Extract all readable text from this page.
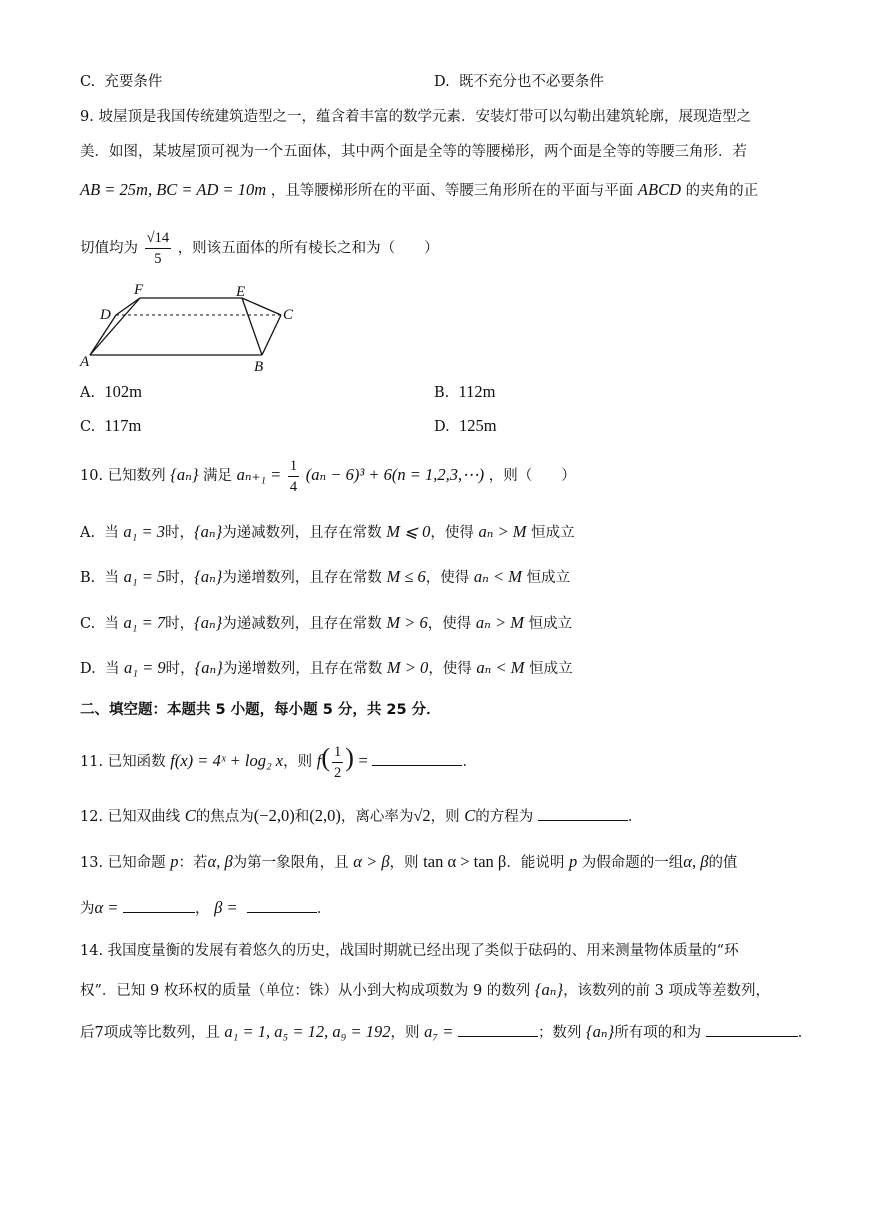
C. 充要条件	D. 既不充分也不必要条件
9. 坡屋顶是我国传统建筑造型之一，蕴含着丰富的数学元素．安装灯带可以勾勒出建筑轮廓，展现造型之
美．如图，某坡屋顶可视为一个五面体，其中两个面是全等的等腰梯形，两个面是全等的等腰三角形．若
AB = 25m, BC = AD = 10m ，且等腰梯形所在的平面、等腰三角形所在的平面与平面 ABCD 的夹角的正
切值均为 $\frac{√14}{5}$ ，则该五面体的所有棱长之和为（　　）
F	E
D	C
A	B
A. 102m	B. 112m
C. 117m	D. 125m
10. 已知数列 {aₙ} 满足 $a_{n+1} = \frac{1}{4} (a_n - 6)^3 + 6(n$ = 1,2,3,⋯) ，则（　　）
A. 当 a₁ = 3时，{aₙ}为递减数列，且存在常数 M ⩽ 0，使得 aₙ > M 恒成立
B. 当 a₁ = 5时，{aₙ}为递增数列，且存在常数 M ≤ 6，使得 aₙ < M 恒成立
C. 当 a₁ = 7时，{aₙ}为递减数列，且存在常数 M > 6，使得 aₙ > M 恒成立
D. 当 a₁ = 9时，{aₙ}为递增数列，且存在常数 M > 0，使得 aₙ < M 恒成立
二、填空题：本题共 5 小题，每小题 5 分，共 25 分．
11. 已知函数 f(x) = 4ˣ + log₂ x，则 $f( \frac{1}{2}$ ) =	．
12. 已知双曲线 C的焦点为(−2,0)和(2,0)，离心率为√2，则 C的方程为	．
13. 已知命题 p：若α, β为第一象限角，且 α > β，则 tan α > tan β．能说明 p 为假命题的一组α, β的值
为α =	， β =	．
14. 我国度量衡的发展有着悠久的历史，战国时期就已经出现了类似于砝码的、用来测量物体质量的“环
权”．已知 9 枚环权的质量（单位：铢）从小到大构成项数为 9 的数列 {aₙ}，该数列的前 3 项成等差数列，
后7项成等比数列，且 a₁ = 1, a₅ = 12, a₉ = 192，则 a₇ =	；数列 {aₙ}所有项的和为	．
